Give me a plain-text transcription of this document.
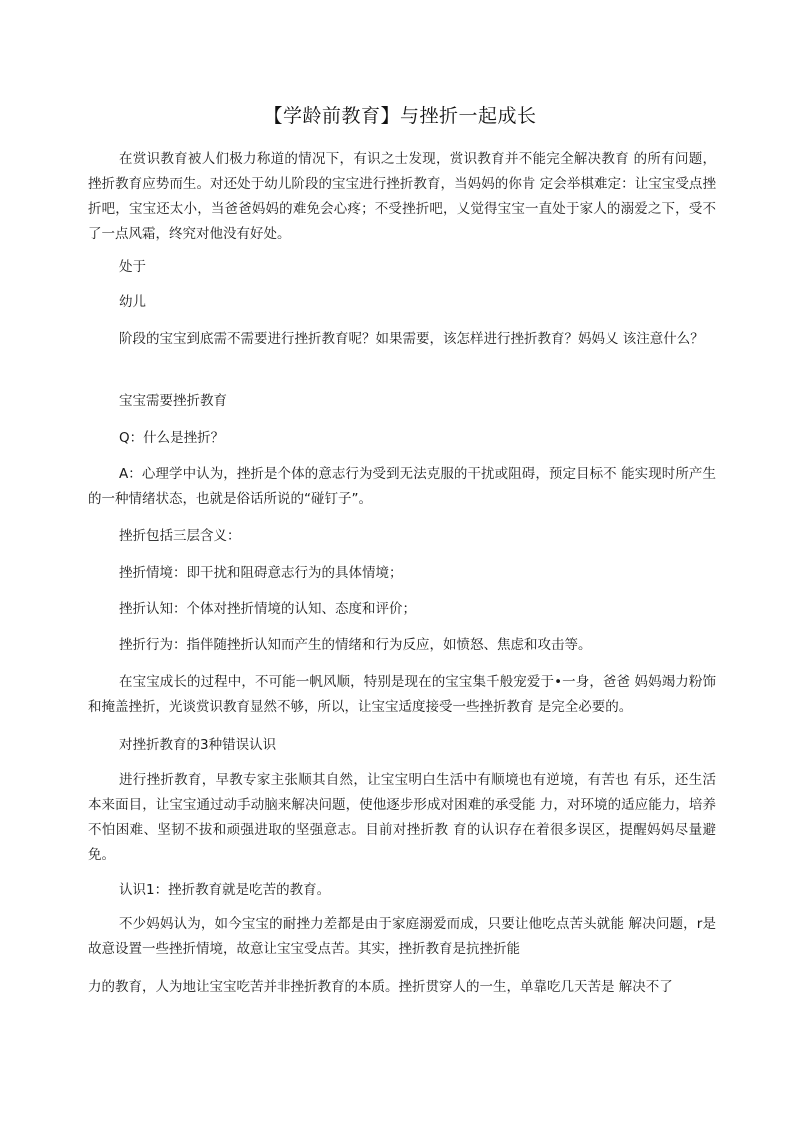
【学龄前教育】与挫折一起成长
在赏识教育被人们极力称道的情况下，有识之士发现，赏识教育并不能完全解决教育 的所有问题，挫折教育应势而生。对还处于幼儿阶段的宝宝进行挫折教育，当妈妈的你肯 定会举棋难定：让宝宝受点挫折吧，宝宝还太小，当爸爸妈妈的难免会心疼；不受挫折吧，乂觉得宝宝一直处于家人的溺爱之下，受不了一点风霜，终究对他没有好处。
处于
幼儿
阶段的宝宝到底需不需要进行挫折教育呢？如果需要，该怎样进行挫折教育？妈妈乂 该注意什么？
宝宝需要挫折教育
Q：什么是挫折？
A：心理学中认为，挫折是个体的意志行为受到无法克服的干扰或阻碍，预定目标不 能实现时所产生的一种情绪状态，也就是俗话所说的“碰钉子”。
挫折包括三层含义：
挫折情境：即干扰和阻碍意志行为的具体情境；
挫折认知：个体对挫折情境的认知、态度和评价；
挫折行为：指伴随挫折认知而产生的情绪和行为反应，如愤怒、焦虑和攻击等。
在宝宝成长的过程中，不可能一帆风顺，特别是现在的宝宝集千般宠爱于•一身，爸爸 妈妈竭力粉饰和掩盖挫折，光谈赏识教育显然不够，所以，让宝宝适度接受一些挫折教育 是完全必要的。
对挫折教育的3种错误认识
进行挫折教育，早教专家主张顺其自然，让宝宝明白生活中有顺境也有逆境，有苦也 有乐，还生活本来面目，让宝宝通过动手动脑来解决问题，使他逐步形成对困难的承受能 力，对环境的适应能力，培养不怕困难、坚韧不拔和顽强进取的坚强意志。目前对挫折教 育的认识存在着很多误区，提醒妈妈尽量避免。
认识1：挫折教育就是吃苦的教育。
不少妈妈认为，如今宝宝的耐挫力差都是由于家庭溺爱而成，只要让他吃点苦头就能 解决问题，r是故意设置一些挫折情境，故意让宝宝受点苦。其实，挫折教育是抗挫折能
力的教育，人为地让宝宝吃苦并非挫折教育的本质。挫折贯穿人的一生，单靠吃几天苦是 解决不了
